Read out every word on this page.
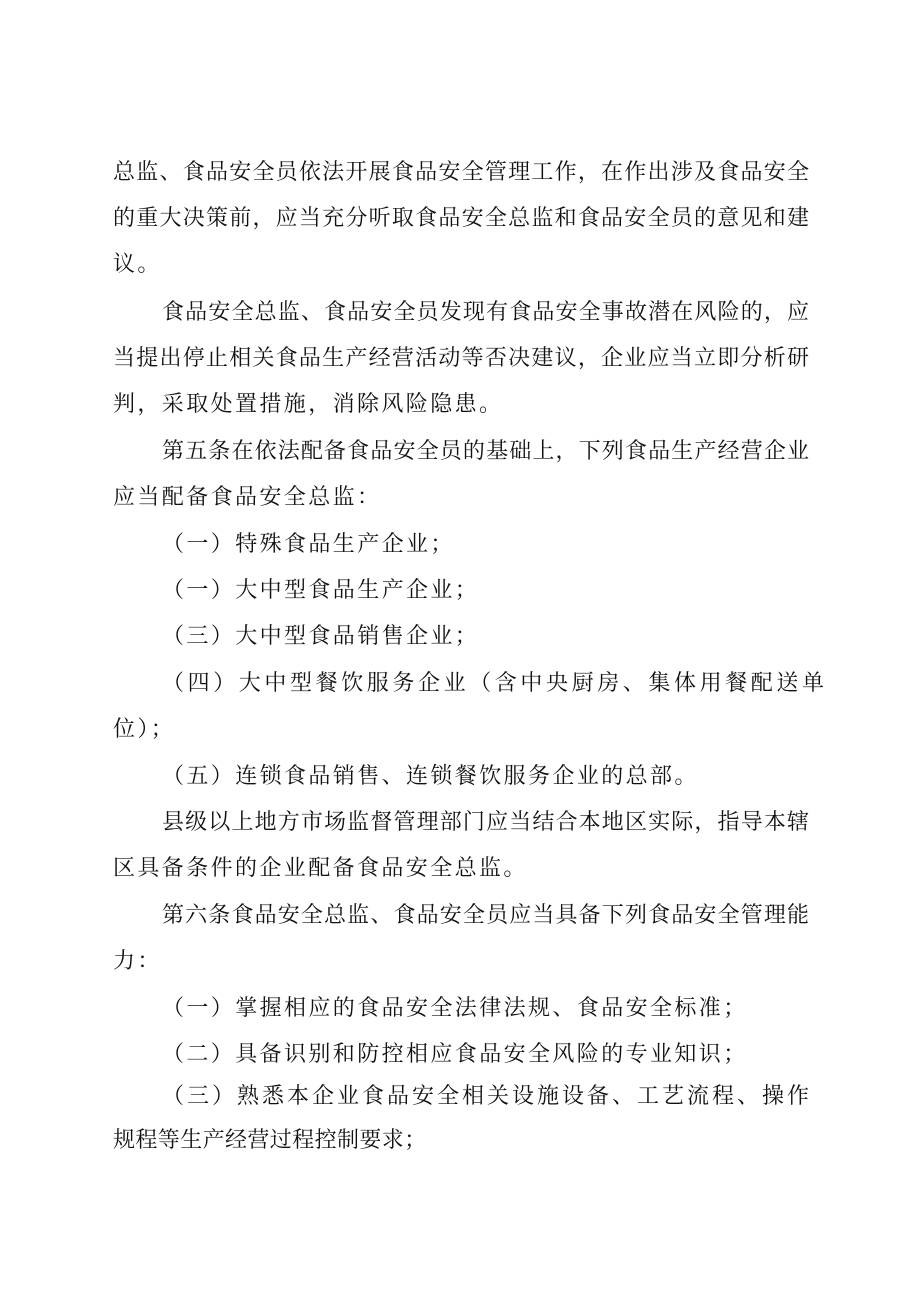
总监、食品安全员依法开展食品安全管理工作，在作出涉及食品安全
的重大决策前，应当充分听取食品安全总监和食品安全员的意见和建
议。
食品安全总监、食品安全员发现有食品安全事故潜在风险的，应
当提出停止相关食品生产经营活动等否决建议，企业应当立即分析研
判，采取处置措施，消除风险隐患。
第五条在依法配备食品安全员的基础上，下列食品生产经营企业
应当配备食品安全总监：
（一）特殊食品生产企业；
（一）大中型食品生产企业；
（三）大中型食品销售企业；
（四）大中型餐饮服务企业（含中央厨房、集体用餐配送单
位）；
（五）连锁食品销售、连锁餐饮服务企业的总部。
县级以上地方市场监督管理部门应当结合本地区实际，指导本辖
区具备条件的企业配备食品安全总监。
第六条食品安全总监、食品安全员应当具备下列食品安全管理能
力：
（一）掌握相应的食品安全法律法规、食品安全标准；
（二）具备识别和防控相应食品安全风险的专业知识；
（三）熟悉本企业食品安全相关设施设备、工艺流程、操作
规程等生产经营过程控制要求；
